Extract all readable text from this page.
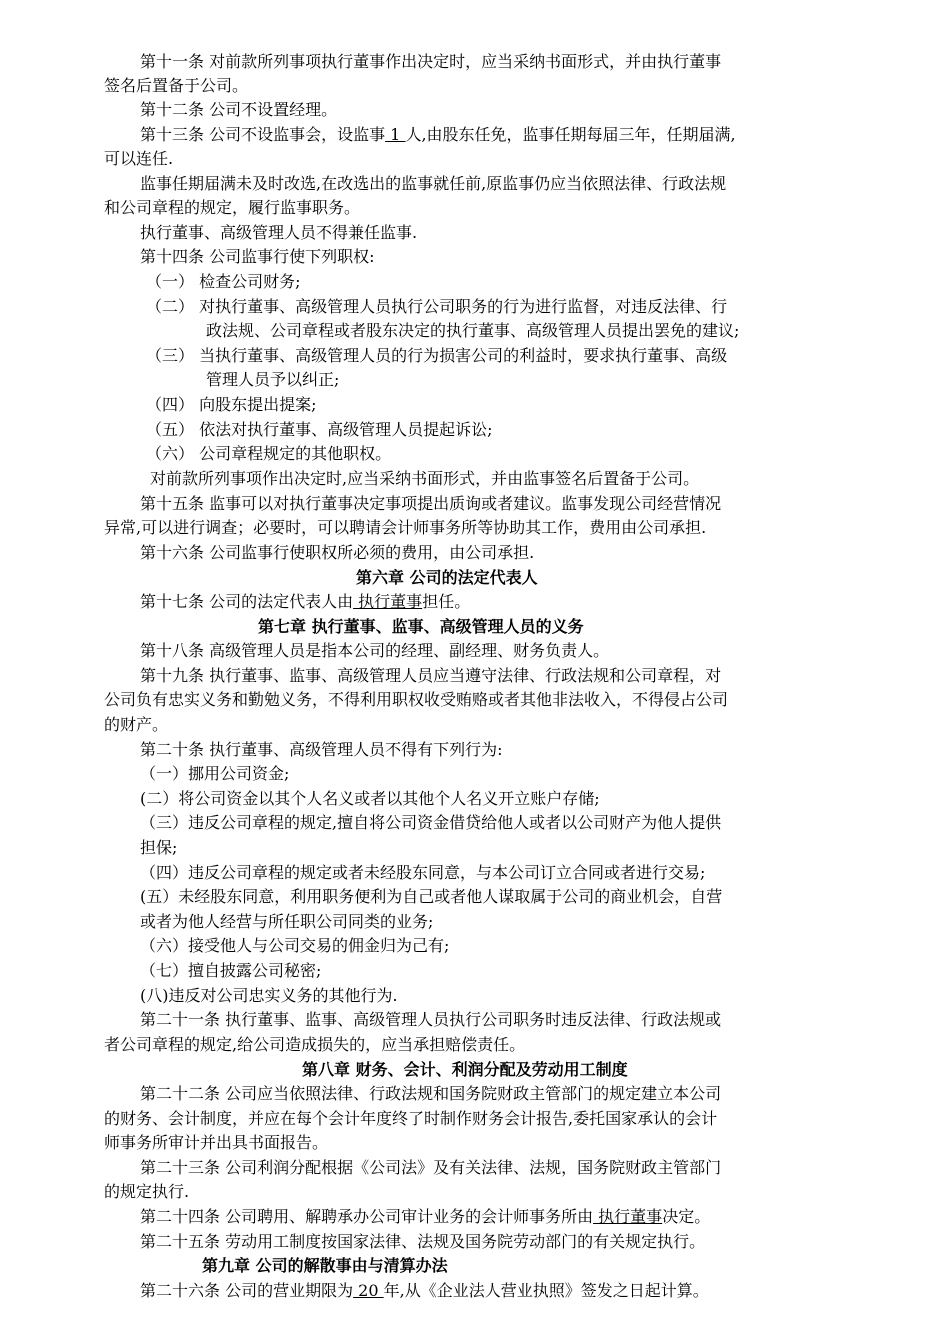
第十一条 对前款所列事项执行董事作出决定时，应当采纳书面形式，并由执行董事
签名后置备于公司。
第十二条 公司不设置经理。
第十三条 公司不设监事会，设监事 1 人,由股东任免，监事任期每届三年，任期届满,
可以连任.
监事任期届满未及时改选,在改选出的监事就任前,原监事仍应当依照法律、行政法规
和公司章程的规定，履行监事职务。
执行董事、高级管理人员不得兼任监事.
第十四条 公司监事行使下列职权:
（一） 检查公司财务;
（二） 对执行董事、高级管理人员执行公司职务的行为进行监督，对违反法律、行
政法规、公司章程或者股东决定的执行董事、高级管理人员提出罢免的建议;
（三） 当执行董事、高级管理人员的行为损害公司的利益时，要求执行董事、高级
管理人员予以纠正;
（四） 向股东提出提案;
（五） 依法对执行董事、高级管理人员提起诉讼;
（六） 公司章程规定的其他职权。
对前款所列事项作出决定时,应当采纳书面形式，并由监事签名后置备于公司。
第十五条 监事可以对执行董事决定事项提出质询或者建议。监事发现公司经营情况
异常,可以进行调查；必要时，可以聘请会计师事务所等协助其工作，费用由公司承担.
第十六条 公司监事行使职权所必须的费用，由公司承担.
第六章 公司的法定代表人
第十七条 公司的法定代表人由 执行董事担任。
第七章 执行董事、监事、高级管理人员的义务
第十八条 高级管理人员是指本公司的经理、副经理、财务负责人。
第十九条 执行董事、监事、高级管理人员应当遵守法律、行政法规和公司章程，对
公司负有忠实义务和勤勉义务，不得利用职权收受贿赂或者其他非法收入，不得侵占公司
的财产。
第二十条 执行董事、高级管理人员不得有下列行为:
（一）挪用公司资金;
(二）将公司资金以其个人名义或者以其他个人名义开立账户存储;
（三）违反公司章程的规定,擅自将公司资金借贷给他人或者以公司财产为他人提供
担保;
（四）违反公司章程的规定或者未经股东同意，与本公司订立合同或者进行交易;
(五）未经股东同意，利用职务便利为自己或者他人谋取属于公司的商业机会，自营
或者为他人经营与所任职公司同类的业务;
（六）接受他人与公司交易的佣金归为己有;
（七）擅自披露公司秘密;
(八)违反对公司忠实义务的其他行为.
第二十一条 执行董事、监事、高级管理人员执行公司职务时违反法律、行政法规或
者公司章程的规定,给公司造成损失的，应当承担赔偿责任。
第八章 财务、会计、利润分配及劳动用工制度
第二十二条 公司应当依照法律、行政法规和国务院财政主管部门的规定建立本公司
的财务、会计制度，并应在每个会计年度终了时制作财务会计报告,委托国家承认的会计
师事务所审计并出具书面报告。
第二十三条 公司利润分配根据《公司法》及有关法律、法规，国务院财政主管部门
的规定执行.
第二十四条 公司聘用、解聘承办公司审计业务的会计师事务所由 执行董事决定。
第二十五条 劳动用工制度按国家法律、法规及国务院劳动部门的有关规定执行。
第九章 公司的解散事由与清算办法
第二十六条 公司的营业期限为 20 年,从《企业法人营业执照》签发之日起计算。
